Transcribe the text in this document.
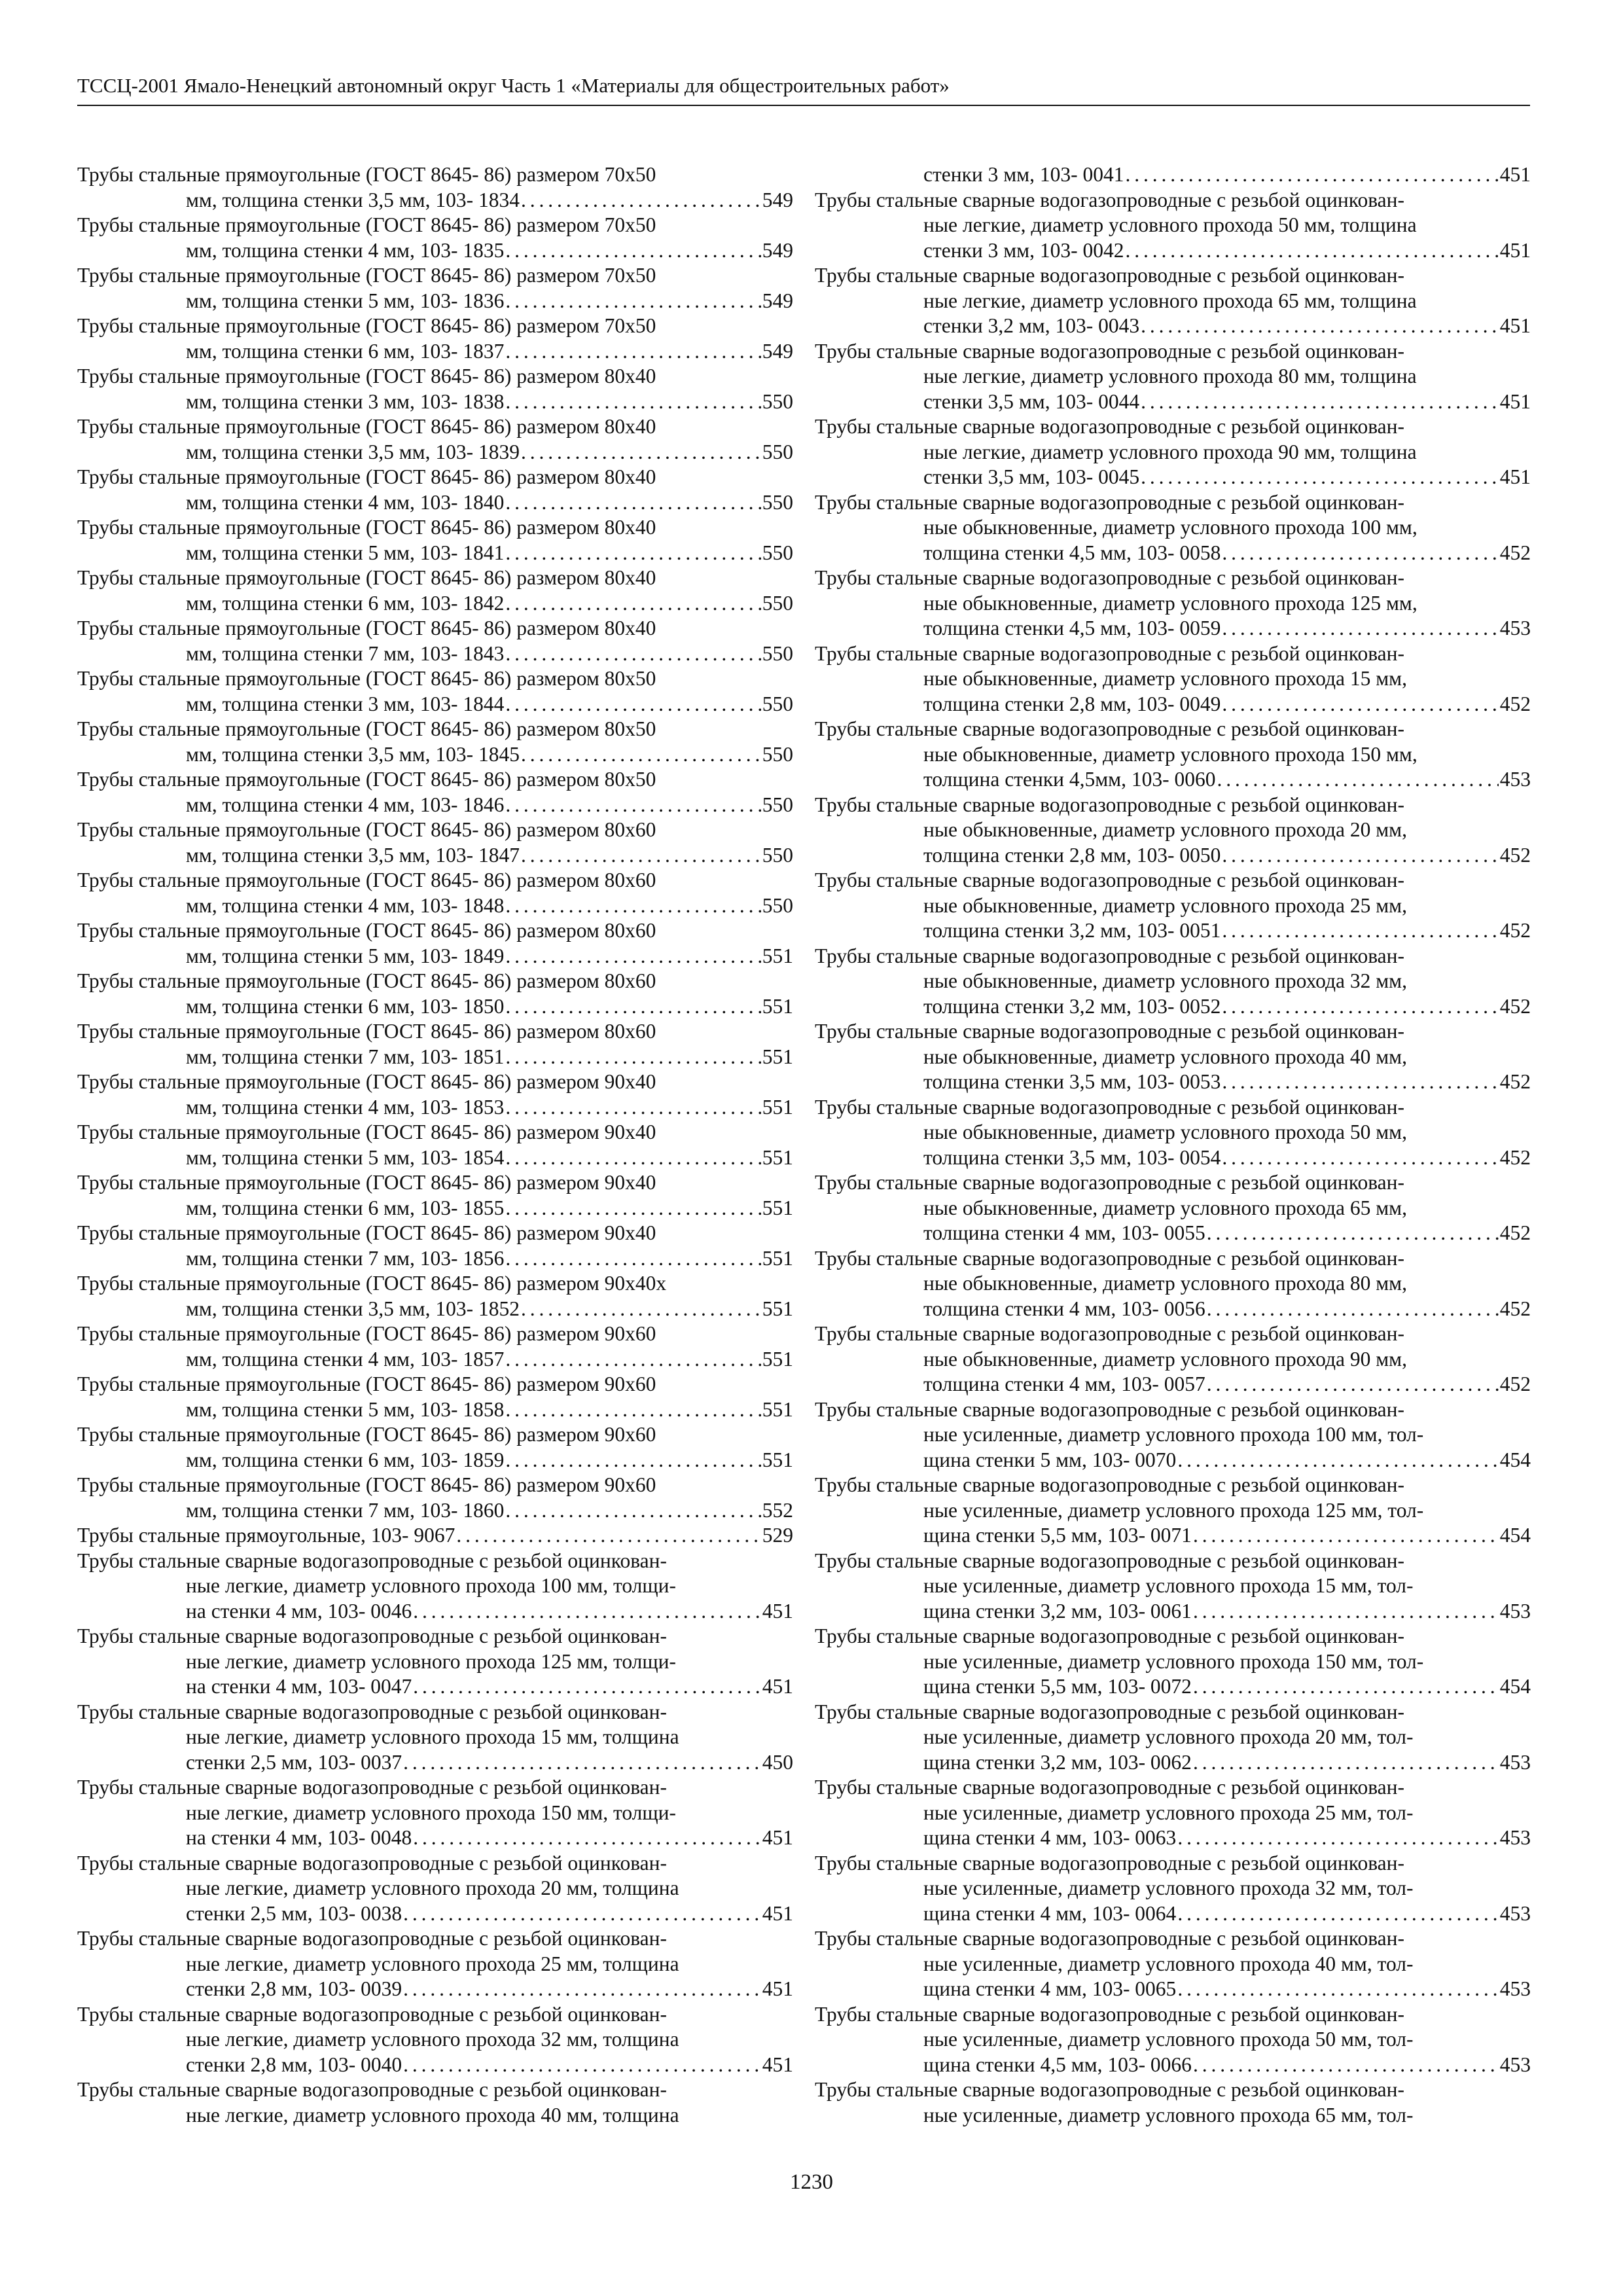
ТССЦ-2001 Ямало-Ненецкий автономный округ Часть 1 «Материалы для общестроительных работ»
Трубы стальные прямоугольные (ГОСТ 8645- 86) размером 70x50
мм, толщина стенки 3,5 мм, 103- 1834 . . .	549
Трубы стальные прямоугольные (ГОСТ 8645- 86) размером 70x50
мм, толщина стенки 4 мм, 103- 1835 . . .	549
Трубы стальные прямоугольные (ГОСТ 8645- 86) размером 70x50
мм, толщина стенки 5 мм, 103- 1836 . . .	549
Трубы стальные прямоугольные (ГОСТ 8645- 86) размером 70x50
мм, толщина стенки 6 мм, 103- 1837 . . .	549
Трубы стальные прямоугольные (ГОСТ 8645- 86) размером 80x40
мм, толщина стенки 3 мм, 103- 1838 . . .	550
Трубы стальные прямоугольные (ГОСТ 8645- 86) размером 80x40
мм, толщина стенки 3,5 мм, 103- 1839 . . .	550
Трубы стальные прямоугольные (ГОСТ 8645- 86) размером 80x40
мм, толщина стенки 4 мм, 103- 1840 . . .	550
Трубы стальные прямоугольные (ГОСТ 8645- 86) размером 80x40
мм, толщина стенки 5 мм, 103- 1841 . . .	550
Трубы стальные прямоугольные (ГОСТ 8645- 86) размером 80x40
мм, толщина стенки 6 мм, 103- 1842 . . .	550
Трубы стальные прямоугольные (ГОСТ 8645- 86) размером 80x40
мм, толщина стенки 7 мм, 103- 1843 . . .	550
Трубы стальные прямоугольные (ГОСТ 8645- 86) размером 80x50
мм, толщина стенки 3 мм, 103- 1844 . . .	550
Трубы стальные прямоугольные (ГОСТ 8645- 86) размером 80x50
мм, толщина стенки 3,5 мм, 103- 1845 . . .	550
Трубы стальные прямоугольные (ГОСТ 8645- 86) размером 80x50
мм, толщина стенки 4 мм, 103- 1846 . . .	550
Трубы стальные прямоугольные (ГОСТ 8645- 86) размером 80x60
мм, толщина стенки 3,5 мм, 103- 1847 . . .	550
Трубы стальные прямоугольные (ГОСТ 8645- 86) размером 80x60
мм, толщина стенки 4 мм, 103- 1848 . . .	550
Трубы стальные прямоугольные (ГОСТ 8645- 86) размером 80x60
мм, толщина стенки 5 мм, 103- 1849 . . .	551
Трубы стальные прямоугольные (ГОСТ 8645- 86) размером 80x60
мм, толщина стенки 6 мм, 103- 1850 . . .	551
Трубы стальные прямоугольные (ГОСТ 8645- 86) размером 80x60
мм, толщина стенки 7 мм, 103- 1851 . . .	551
Трубы стальные прямоугольные (ГОСТ 8645- 86) размером 90x40
мм, толщина стенки 4 мм, 103- 1853 . . .	551
Трубы стальные прямоугольные (ГОСТ 8645- 86) размером 90x40
мм, толщина стенки 5 мм, 103- 1854 . . .	551
Трубы стальные прямоугольные (ГОСТ 8645- 86) размером 90x40
мм, толщина стенки 6 мм, 103- 1855 . . .	551
Трубы стальные прямоугольные (ГОСТ 8645- 86) размером 90x40
мм, толщина стенки 7 мм, 103- 1856 . . .	551
Трубы стальные прямоугольные (ГОСТ 8645- 86) размером 90x40x
мм, толщина стенки 3,5 мм, 103- 1852 . . .	551
Трубы стальные прямоугольные (ГОСТ 8645- 86) размером 90x60
мм, толщина стенки 4 мм, 103- 1857 . . .	551
Трубы стальные прямоугольные (ГОСТ 8645- 86) размером 90x60
мм, толщина стенки 5 мм, 103- 1858 . . .	551
Трубы стальные прямоугольные (ГОСТ 8645- 86) размером 90x60
мм, толщина стенки 6 мм, 103- 1859 . . .	551
Трубы стальные прямоугольные (ГОСТ 8645- 86) размером 90x60
мм, толщина стенки 7 мм, 103- 1860 . . .	552
Трубы стальные прямоугольные, 103- 9067 . . .	529
Трубы стальные сварные водогазопроводные с резьбой оцинкован-
ные легкие, диаметр условного прохода 100 мм, толщи-
на стенки 4 мм, 103- 0046 . . .	451
Трубы стальные сварные водогазопроводные с резьбой оцинкован-
ные легкие, диаметр условного прохода 125 мм, толщи-
на стенки 4 мм, 103- 0047 . . .	451
Трубы стальные сварные водогазопроводные с резьбой оцинкован-
ные легкие, диаметр условного прохода 15 мм, толщина
стенки 2,5 мм, 103- 0037 . . .	450
Трубы стальные сварные водогазопроводные с резьбой оцинкован-
ные легкие, диаметр условного прохода 150 мм, толщи-
на стенки 4 мм, 103- 0048 . . .	451
Трубы стальные сварные водогазопроводные с резьбой оцинкован-
ные легкие, диаметр условного прохода 20 мм, толщина
стенки 2,5 мм, 103- 0038 . . .	451
Трубы стальные сварные водогазопроводные с резьбой оцинкован-
ные легкие, диаметр условного прохода 25 мм, толщина
стенки 2,8 мм, 103- 0039 . . .	451
Трубы стальные сварные водогазопроводные с резьбой оцинкован-
ные легкие, диаметр условного прохода 32 мм, толщина
стенки 2,8 мм, 103- 0040 . . .	451
Трубы стальные сварные водогазопроводные с резьбой оцинкован-
ные легкие, диаметр условного прохода 40 мм, толщина
стенки 3 мм, 103- 0041 . . .	451
Трубы стальные сварные водогазопроводные с резьбой оцинкован-
ные легкие, диаметр условного прохода 50 мм, толщина
стенки 3 мм, 103- 0042 . . .	451
Трубы стальные сварные водогазопроводные с резьбой оцинкован-
ные легкие, диаметр условного прохода 65 мм, толщина
стенки 3,2 мм, 103- 0043 . . .	451
Трубы стальные сварные водогазопроводные с резьбой оцинкован-
ные легкие, диаметр условного прохода 80 мм, толщина
стенки 3,5 мм, 103- 0044 . . .	451
Трубы стальные сварные водогазопроводные с резьбой оцинкован-
ные легкие, диаметр условного прохода 90 мм, толщина
стенки 3,5 мм, 103- 0045 . . .	451
Трубы стальные сварные водогазопроводные с резьбой оцинкован-
ные обыкновенные, диаметр условного прохода 100 мм,
толщина стенки 4,5 мм, 103- 0058 . . .	452
Трубы стальные сварные водогазопроводные с резьбой оцинкован-
ные обыкновенные, диаметр условного прохода 125 мм,
толщина стенки 4,5 мм, 103- 0059 . . .	453
Трубы стальные сварные водогазопроводные с резьбой оцинкован-
ные обыкновенные, диаметр условного прохода 15 мм,
толщина стенки 2,8 мм, 103- 0049 . . .	452
Трубы стальные сварные водогазопроводные с резьбой оцинкован-
ные обыкновенные, диаметр условного прохода 150 мм,
толщина стенки 4,5мм, 103- 0060 . . .	453
Трубы стальные сварные водогазопроводные с резьбой оцинкован-
ные обыкновенные, диаметр условного прохода 20 мм,
толщина стенки 2,8 мм, 103- 0050 . . .	452
Трубы стальные сварные водогазопроводные с резьбой оцинкован-
ные обыкновенные, диаметр условного прохода 25 мм,
толщина стенки 3,2 мм, 103- 0051 . . .	452
Трубы стальные сварные водогазопроводные с резьбой оцинкован-
ные обыкновенные, диаметр условного прохода 32 мм,
толщина стенки 3,2 мм, 103- 0052 . . .	452
Трубы стальные сварные водогазопроводные с резьбой оцинкован-
ные обыкновенные, диаметр условного прохода 40 мм,
толщина стенки 3,5 мм, 103- 0053 . . .	452
Трубы стальные сварные водогазопроводные с резьбой оцинкован-
ные обыкновенные, диаметр условного прохода 50 мм,
толщина стенки 3,5 мм, 103- 0054 . . .	452
Трубы стальные сварные водогазопроводные с резьбой оцинкован-
ные обыкновенные, диаметр условного прохода 65 мм,
толщина стенки 4 мм, 103- 0055 . . .	452
Трубы стальные сварные водогазопроводные с резьбой оцинкован-
ные обыкновенные, диаметр условного прохода 80 мм,
толщина стенки 4 мм, 103- 0056 . . .	452
Трубы стальные сварные водогазопроводные с резьбой оцинкован-
ные обыкновенные, диаметр условного прохода 90 мм,
толщина стенки 4 мм, 103- 0057 . . .	452
Трубы стальные сварные водогазопроводные с резьбой оцинкован-
ные усиленные, диаметр условного прохода 100 мм, тол-
щина стенки 5 мм, 103- 0070 . . .	454
Трубы стальные сварные водогазопроводные с резьбой оцинкован-
ные усиленные, диаметр условного прохода 125 мм, тол-
щина стенки 5,5 мм, 103- 0071 . . .	454
Трубы стальные сварные водогазопроводные с резьбой оцинкован-
ные усиленные, диаметр условного прохода 15 мм, тол-
щина стенки 3,2 мм, 103- 0061 . . .	453
Трубы стальные сварные водогазопроводные с резьбой оцинкован-
ные усиленные, диаметр условного прохода 150 мм, тол-
щина стенки 5,5 мм, 103- 0072 . . .	454
Трубы стальные сварные водогазопроводные с резьбой оцинкован-
ные усиленные, диаметр условного прохода 20 мм, тол-
щина стенки 3,2 мм, 103- 0062 . . .	453
Трубы стальные сварные водогазопроводные с резьбой оцинкован-
ные усиленные, диаметр условного прохода 25 мм, тол-
щина стенки 4 мм, 103- 0063 . . .	453
Трубы стальные сварные водогазопроводные с резьбой оцинкован-
ные усиленные, диаметр условного прохода 32 мм, тол-
щина стенки 4 мм, 103- 0064 . . .	453
Трубы стальные сварные водогазопроводные с резьбой оцинкован-
ные усиленные, диаметр условного прохода 40 мм, тол-
щина стенки 4 мм, 103- 0065 . . .	453
Трубы стальные сварные водогазопроводные с резьбой оцинкован-
ные усиленные, диаметр условного прохода 50 мм, тол-
щина стенки 4,5 мм, 103- 0066 . . .	453
Трубы стальные сварные водогазопроводные с резьбой оцинкован-
ные усиленные, диаметр условного прохода 65 мм, тол-
1230
